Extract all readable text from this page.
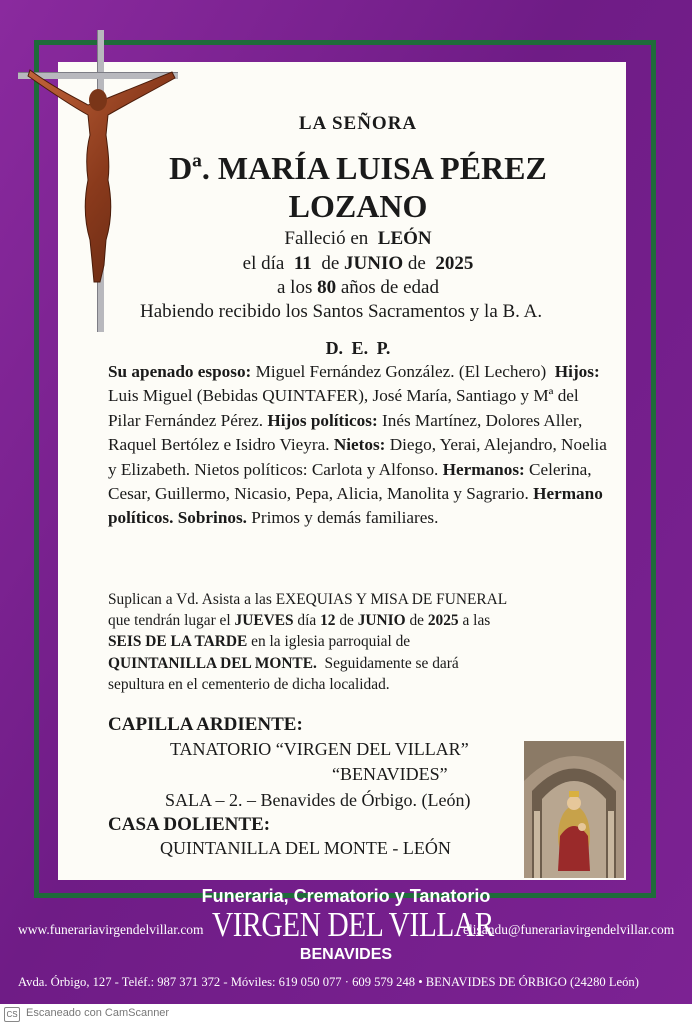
LA SEÑORA
Dª. MARÍA LUISA PÉREZ
LOZANO
Falleció en LEÓN
el día 11 de JUNIO de 2025
a los 80 años de edad
Habiendo recibido los Santos Sacramentos y la B. A.
D. E. P.

Su apenado esposo: Miguel Fernández González. (El Lechero) Hijos: Luis Miguel (Bebidas QUINTAFER), José María, Santiago y Mª del Pilar Fernández Pérez. Hijos políticos: Inés Martínez, Dolores Aller, Raquel Bertólez e Isidro Vieyra. Nietos: Diego, Yerai, Alejandro, Noelia y Elizabeth. Nietos políticos: Carlota y Alfonso. Hermanos: Celerina, Cesar, Guillermo, Nicasio, Pepa, Alicia, Manolita y Sagrario. Hermano políticos. Sobrinos. Primos y demás familiares.

Suplican a Vd. Asista a las EXEQUIAS Y MISA DE FUNERAL
que tendrán lugar el JUEVES día 12 de JUNIO de 2025 a las
SEIS DE LA TARDE en la iglesia parroquial de
QUINTANILLA DEL MONTE. Seguidamente se dará
sepultura en el cementerio de dicha localidad.
CAPILLA ARDIENTE:
TANATORIO “VIRGEN DEL VILLAR”
“BENAVIDES”
SALA – 2. – Benavides de Órbigo. (León)
CASA DOLIENTE:
QUINTANILLA DEL MONTE - LEÓN
Funeraria, Crematorio y Tanatorio
www.funerariavirgendelvillar.com VIRGEN DEL VILLAR
elisandu@funerariavirgendelvillar.com
BENAVIDES
Avda. Órbigo, 127 - Teléf.: 987 371 372 - Móviles: 619 050 077 · 609 579 248 • BENAVIDES DE ÓRBIGO (24280 León)
CS Escaneado con CamScanner
